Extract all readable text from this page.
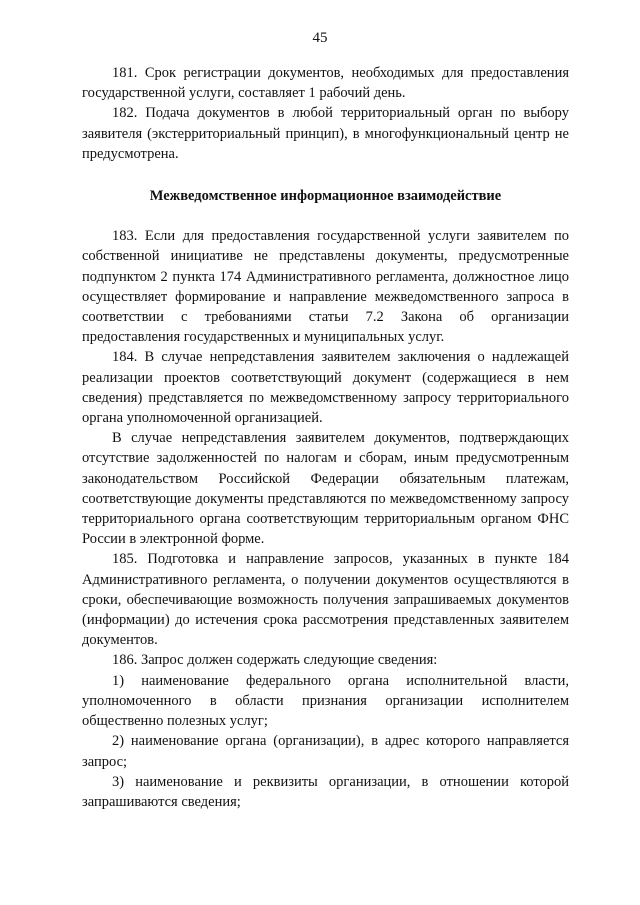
45

181. Срок регистрации документов, необходимых для предоставления государственной услуги, составляет 1 рабочий день.

182. Подача документов в любой территориальный орган по выбору заявителя (экстерриториальный принцип), в многофункциональный центр не предусмотрена.

Межведомственное информационное взаимодействие

183. Если для предоставления государственной услуги заявителем по собственной инициативе не представлены документы, предусмотренные подпунктом 2 пункта 174 Административного регламента, должностное лицо осуществляет формирование и направление межведомственного запроса в соответствии с требованиями статьи 7.2 Закона об организации предоставления государственных и муниципальных услуг.

184. В случае непредставления заявителем заключения о надлежащей реализации проектов соответствующий документ (содержащиеся в нем сведения) представляется по межведомственному запросу территориального органа уполномоченной организацией.

В случае непредставления заявителем документов, подтверждающих отсутствие задолженностей по налогам и сборам, иным предусмотренным законодательством Российской Федерации обязательным платежам, соответствующие документы представляются по межведомственному запросу территориального органа соответствующим территориальным органом ФНС России в электронной форме.

185. Подготовка и направление запросов, указанных в пункте 184 Административного регламента, о получении документов осуществляются в сроки, обеспечивающие возможность получения запрашиваемых документов (информации) до истечения срока рассмотрения представленных заявителем документов.

186. Запрос должен содержать следующие сведения:

1) наименование федерального органа исполнительной власти, уполномоченного в области признания организации исполнителем общественно полезных услуг;

2) наименование органа (организации), в адрес которого направляется запрос;

3) наименование и реквизиты организации, в отношении которой запрашиваются сведения;
